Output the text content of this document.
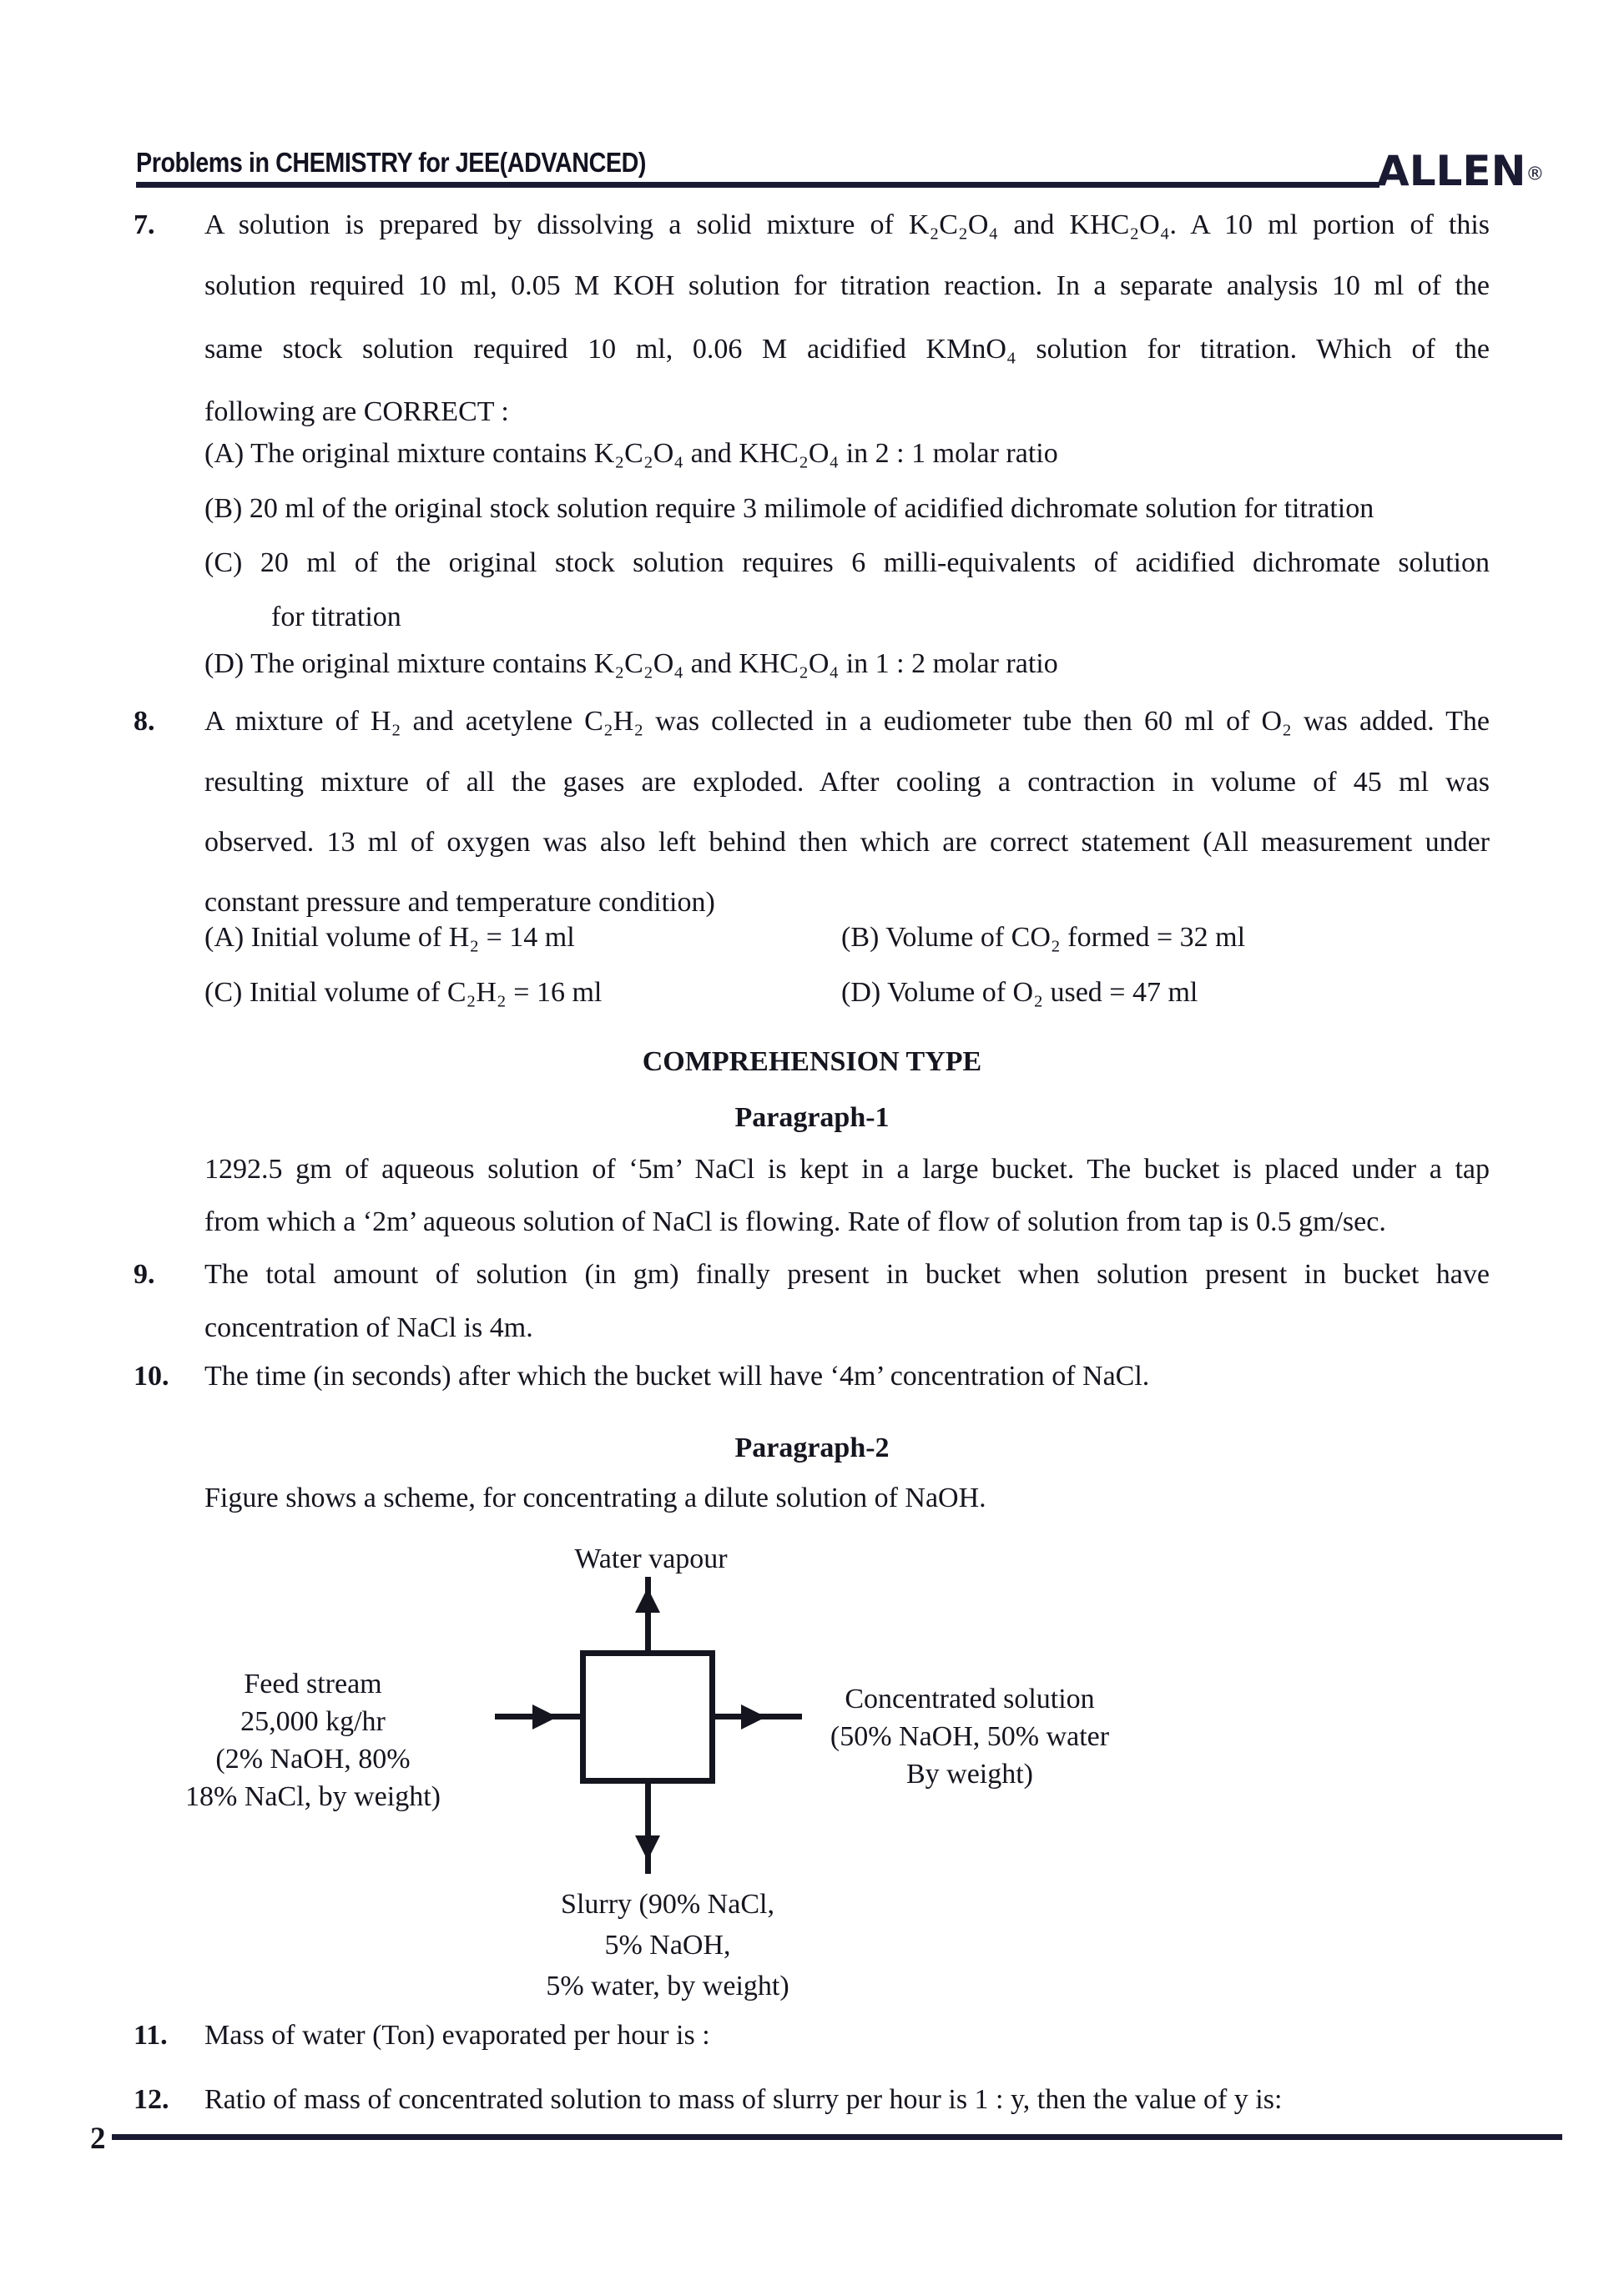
Problems in CHEMISTRY for JEE(ADVANCED)	ALLEN®
7. A solution is prepared by dissolving a solid mixture of K₂C₂O₄ and KHC₂O₄. A 10 ml portion of this
solution required 10 ml, 0.05 M KOH solution for titration reaction. In a separate analysis 10 ml of the
same stock solution required 10 ml, 0.06 M acidified KMnO₄ solution for titration. Which of the
following are CORRECT :
(A) The original mixture contains K₂C₂O₄ and KHC₂O₄ in 2 : 1 molar ratio
(B) 20 ml of the original stock solution require 3 milimole of acidified dichromate solution for titration
(C) 20 ml of the original stock solution requires 6 milli-equivalents of acidified dichromate solution
for titration
(D) The original mixture contains K₂C₂O₄ and KHC₂O₄ in 1 : 2 molar ratio
8. A mixture of H₂ and acetylene C₂H₂ was collected in a eudiometer tube then 60 ml of O₂ was added. The
resulting mixture of all the gases are exploded. After cooling a contraction in volume of 45 ml was
observed. 13 ml of oxygen was also left behind then which are correct statement (All measurement under
constant pressure and temperature condition)
(A) Initial volume of H₂ = 14 ml	(B) Volume of CO₂ formed = 32 ml
(C) Initial volume of C₂H₂ = 16 ml	(D) Volume of O₂ used = 47 ml
COMPREHENSION TYPE
Paragraph-1
1292.5 gm of aqueous solution of ‘5m’ NaCl is kept in a large bucket. The bucket is placed under a tap
from which a ‘2m’ aqueous solution of NaCl is flowing. Rate of flow of solution from tap is 0.5 gm/sec.
9. The total amount of solution (in gm) finally present in bucket when solution present in bucket have
concentration of NaCl is 4m.
10. The time (in seconds) after which the bucket will have ‘4m’ concentration of NaCl.
Paragraph-2
Figure shows a scheme, for concentrating a dilute solution of NaOH.
Water vapour
Feed stream
25,000 kg/hr
(2% NaOH, 80%
18% NaCl, by weight)
Concentrated solution
(50% NaOH, 50% water
By weight)
Slurry (90% NaCl,
5% NaOH,
5% water, by weight)
11. Mass of water (Ton) evaporated per hour is :
12. Ratio of mass of concentrated solution to mass of slurry per hour is 1 : y, then the value of y is:
2
